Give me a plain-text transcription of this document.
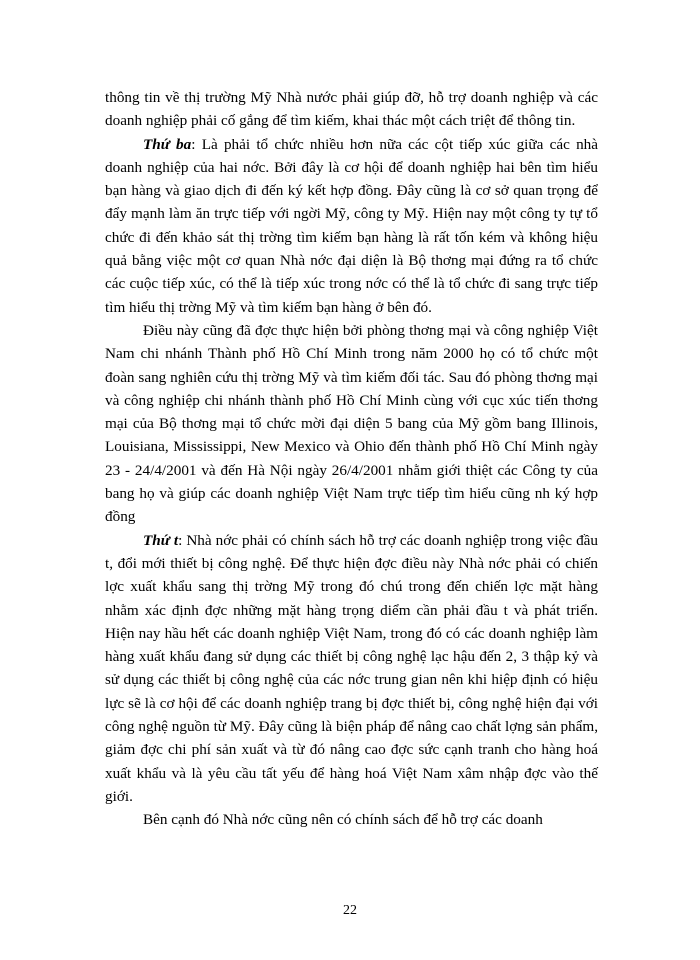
thông tin về thị trường Mỹ Nhà nước phải giúp đỡ, hỗ trợ doanh nghiệp và các doanh nghiệp phải cố gắng để tìm kiếm, khai thác một cách triệt để thông tin.

Thứ ba: Là phải tổ chức nhiều hơn nữa các cột tiếp xúc giữa các nhà doanh nghiệp của hai nớc. Bởi đây là cơ hội để doanh nghiệp hai bên tìm hiểu bạn hàng và giao dịch đi đến ký kết hợp đồng. Đây cũng là cơ sở quan trọng để đẩy mạnh làm ăn trực tiếp với ngời Mỹ, công ty Mỹ. Hiện nay một công ty tự tổ chức đi đến khảo sát thị trờng tìm kiếm bạn hàng là rất tốn kém và không hiệu quả bằng việc một cơ quan Nhà nớc đại diện là Bộ thơng mại đứng ra tổ chức các cuộc tiếp xúc, có thể là tiếp xúc trong nớc có thể là tổ chức đi sang trực tiếp tìm hiểu thị trờng Mỹ và tìm kiếm bạn hàng ở bên đó.

Điều này cũng đã đợc thực hiện bởi phòng thơng mại và công nghiệp Việt Nam chi nhánh Thành phố Hồ Chí Minh trong năm 2000 họ có tổ chức một đoàn sang nghiên cứu thị trờng Mỹ và tìm kiếm đối tác. Sau đó phòng thơng mại và công nghiệp chi nhánh thành phố Hồ Chí Minh cùng với cục xúc tiến thơng mại của Bộ thơng mại tổ chức mời đại diện 5 bang của Mỹ gồm bang Illinois, Louisiana, Mississippi, New Mexico và Ohio đến thành phố Hồ Chí Minh ngày 23 - 24/4/2001 và đến Hà Nội ngày 26/4/2001 nhằm giới thiệt các Công ty của bang họ và giúp các doanh nghiệp Việt Nam trực tiếp tìm hiểu cũng nh ký hợp đồng

Thứ t: Nhà nớc phải có chính sách hỗ trợ các doanh nghiệp trong việc đầu t, đổi mới thiết bị công nghệ. Để thực hiện đợc điều này Nhà nớc phải có chiến lợc xuất khẩu sang thị trờng Mỹ trong đó chú trong đến chiến lợc mặt hàng nhằm xác định đợc những mặt hàng trọng diểm cần phải đầu t và phát triển. Hiện nay hầu hết các doanh nghiệp Việt Nam, trong đó có các doanh nghiệp làm hàng xuất khẩu đang sử dụng các thiết bị công nghệ lạc hậu đến 2, 3 thập kỷ và sử dụng các thiết bị công nghệ của các nớc trung gian nên khi hiệp định có hiệu lực sẽ là cơ hội để các doanh nghiệp trang bị đợc thiết bị, công nghệ hiện đại với công nghệ nguồn từ Mỹ. Đây cũng là biện pháp để nâng cao chất lợng sản phẩm, giảm đợc chi phí sản xuất và từ đó nâng cao đợc sức cạnh tranh cho hàng hoá xuất khẩu và là yêu cầu tất yếu để hàng hoá Việt Nam xâm nhập đợc vào thế giới.

Bên cạnh đó Nhà nớc cũng nên có chính sách để hỗ trợ các doanh

22
